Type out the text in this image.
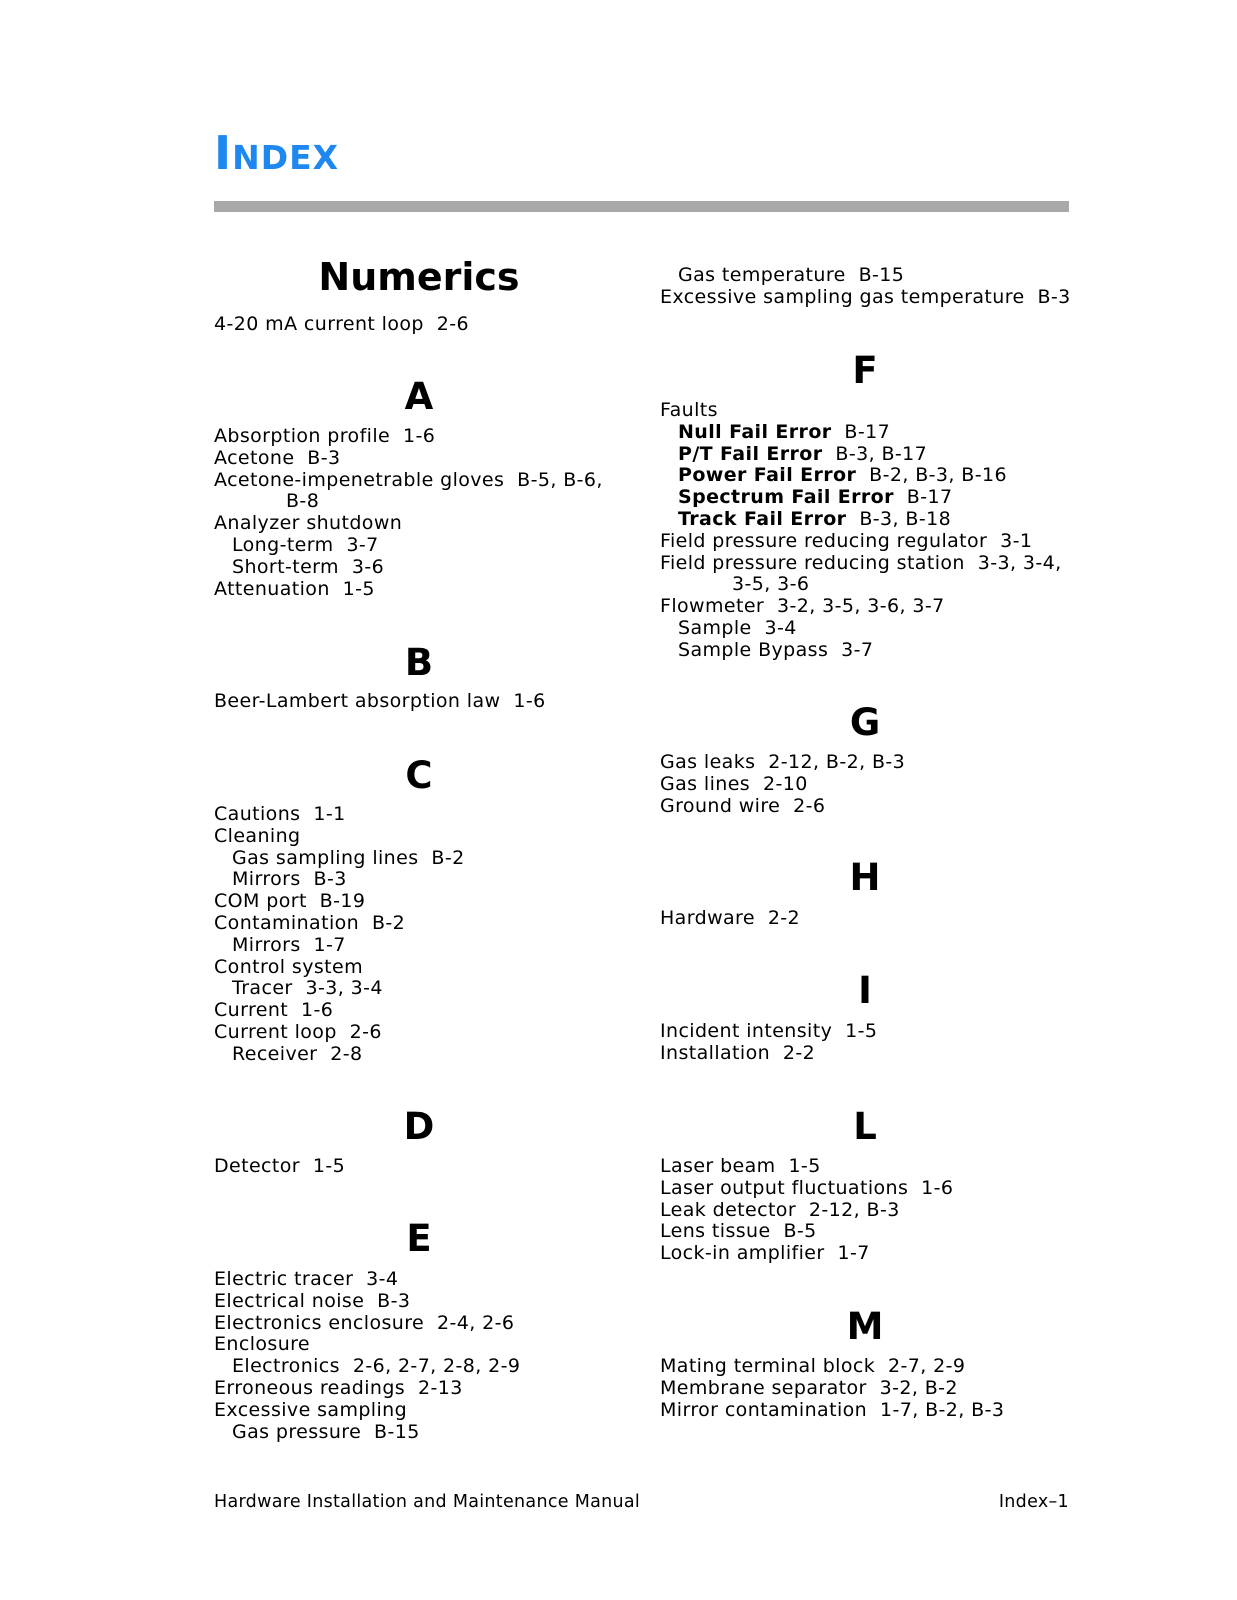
INDEX
Numerics
4-20 mA current loop  2-6
A
Absorption profile  1-6
Acetone  B-3
Acetone-impenetrable gloves  B-5, B-6,
B-8
Analyzer shutdown
Long-term  3-7
Short-term  3-6
Attenuation  1-5
B
Beer-Lambert absorption law  1-6
C
Cautions  1-1
Cleaning
Gas sampling lines  B-2
Mirrors  B-3
COM port  B-19
Contamination  B-2
Mirrors  1-7
Control system
Tracer  3-3, 3-4
Current  1-6
Current loop  2-6
Receiver  2-8
D
Detector  1-5
E
Electric tracer  3-4
Electrical noise  B-3
Electronics enclosure  2-4, 2-6
Enclosure
Electronics  2-6, 2-7, 2-8, 2-9
Erroneous readings  2-13
Excessive sampling
Gas pressure  B-15
Gas temperature  B-15
Excessive sampling gas temperature  B-3
F
Faults
Null Fail Error  B-17
P/T Fail Error  B-3, B-17
Power Fail Error  B-2, B-3, B-16
Spectrum Fail Error  B-17
Track Fail Error  B-3, B-18
Field pressure reducing regulator  3-1
Field pressure reducing station  3-3, 3-4,
3-5, 3-6
Flowmeter  3-2, 3-5, 3-6, 3-7
Sample  3-4
Sample Bypass  3-7
G
Gas leaks  2-12, B-2, B-3
Gas lines  2-10
Ground wire  2-6
H
Hardware  2-2
I
Incident intensity  1-5
Installation  2-2
L
Laser beam  1-5
Laser output fluctuations  1-6
Leak detector  2-12, B-3
Lens tissue  B-5
Lock-in amplifier  1-7
M
Mating terminal block  2-7, 2-9
Membrane separator  3-2, B-2
Mirror contamination  1-7, B-2, B-3
Hardware Installation and Maintenance Manual	Index–1
